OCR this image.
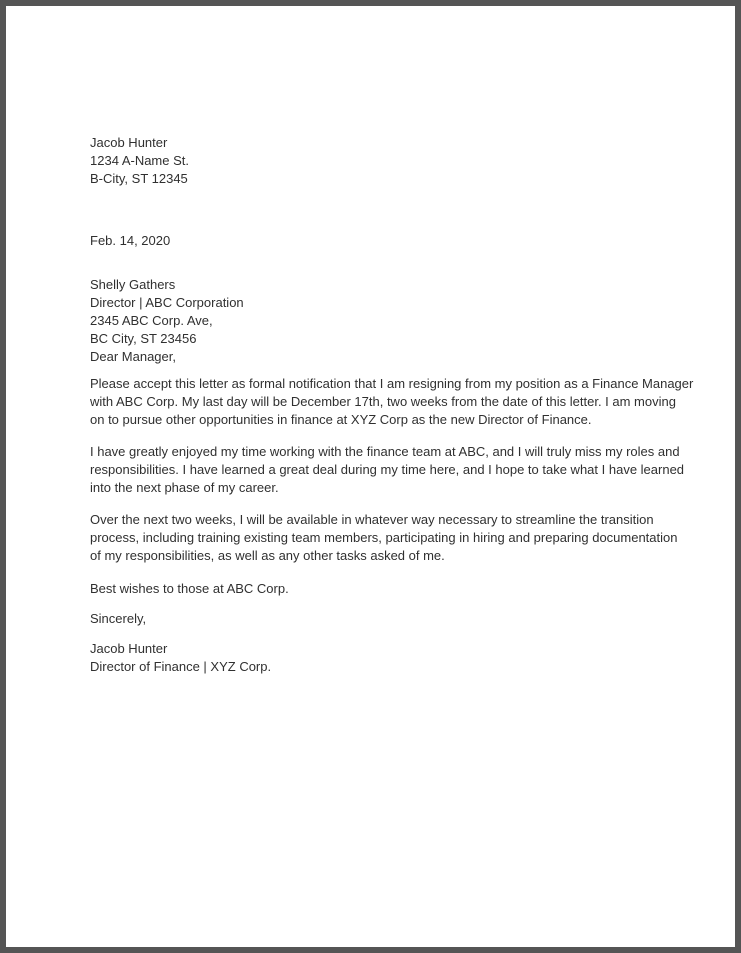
Jacob Hunter
1234 A-Name St.
B-City, ST 12345
Feb. 14, 2020
Shelly Gathers
Director | ABC Corporation
2345 ABC Corp. Ave,
BC City, ST 23456
Dear Manager,
Please accept this letter as formal notification that I am resigning from my position as a Finance Manager
with ABC Corp. My last day will be December 17th, two weeks from the date of this letter. I am moving
on to pursue other opportunities in finance at XYZ Corp as the new Director of Finance.
I have greatly enjoyed my time working with the finance team at ABC, and I will truly miss my roles and
responsibilities. I have learned a great deal during my time here, and I hope to take what I have learned
into the next phase of my career.
Over the next two weeks, I will be available in whatever way necessary to streamline the transition
process, including training existing team members, participating in hiring and preparing documentation
of my responsibilities, as well as any other tasks asked of me.
Best wishes to those at ABC Corp.
Sincerely,
Jacob Hunter
Director of Finance | XYZ Corp.
